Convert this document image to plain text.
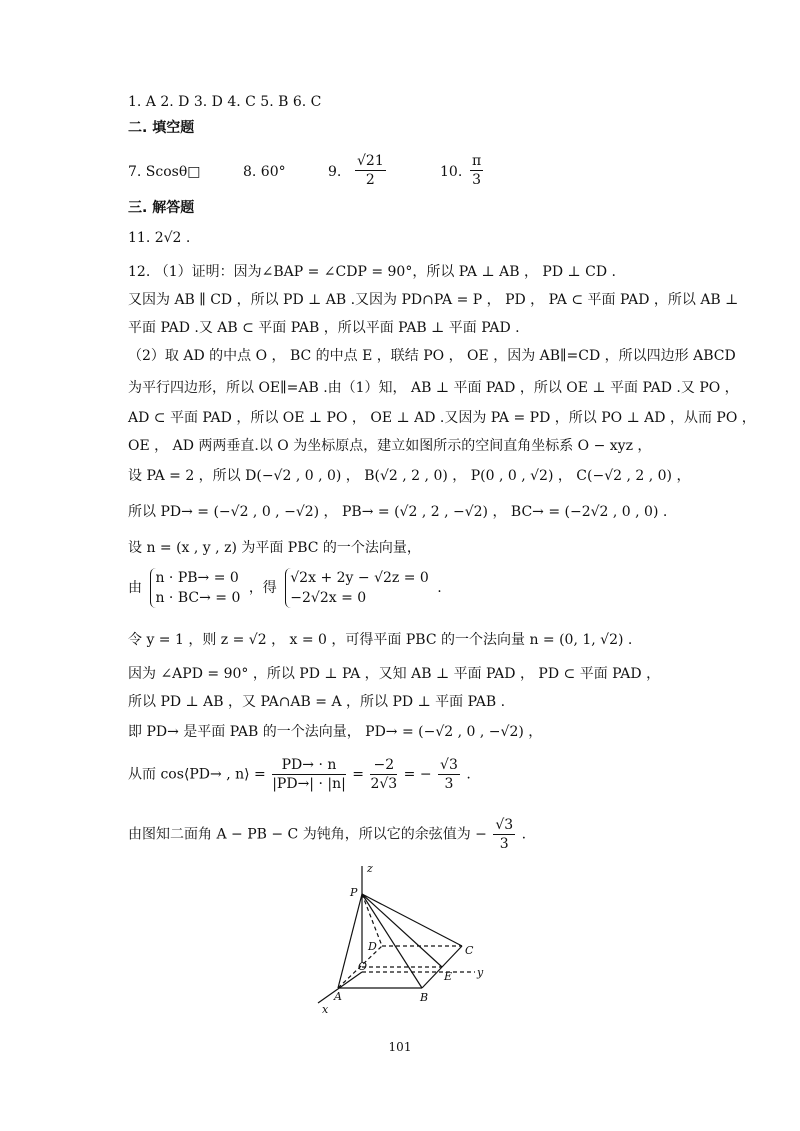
1. A 2. D 3. D 4. C 5. B 6. C
二. 填空题
7. Scosθ□	8. 60°	9. $\frac{√21}{2}$	10. $\frac{\pi}{3}$
三. 解答题
11. 2√2 .
12. （1）证明：因为∠BAP = ∠CDP = 90°，所以 PA ⊥ AB ， PD ⊥ CD .
又因为 AB ∥ CD ，所以 PD ⊥ AB .又因为 PD∩PA = P ， PD ， PA ⊂ 平面 PAD ，所以 AB ⊥
平面 PAD .又 AB ⊂ 平面 PAB ，所以平面 PAB ⊥ 平面 PAD .
（2）取 AD 的中点 O ， BC 的中点 E ，联结 PO ， OE ，因为 AB∥=CD ，所以四边形 ABCD
为平行四边形，所以 OE∥=AB .由（1）知， AB ⊥ 平面 PAD ，所以 OE ⊥ 平面 PAD .又 PO ，
AD ⊂ 平面 PAD ，所以 OE ⊥ PO ， OE ⊥ AD .又因为 PA = PD ，所以 PO ⊥ AD ，从而 PO ，
OE ， AD 两两垂直.以 O 为坐标原点，建立如图所示的空间直角坐标系 O − xyz ，
设 PA = 2 ，所以 D(−√2 , 0 , 0) ， B(√2 , 2 , 0) ， P(0 , 0 , √2) ， C(−√2 , 2 , 0) ，
所以 PD→ = (−√2 , 0 , −√2) ， PB→ = (√2 , 2 , −√2) ， BC→ = (−2√2 , 0 , 0) .
设 n = (x , y , z) 为平面 PBC 的一个法向量，
由
n · PB→ = 0
n · BC→ = 0
，得
√2x + 2y − √2z = 0
−2√2x = 0
.
令 y = 1 ，则 z = √2 ， x = 0 ，可得平面 PBC 的一个法向量 n = (0, 1, √2) .
因为 ∠APD = 90° ，所以 PD ⊥ PA ，又知 AB ⊥ 平面 PAD ， PD ⊂ 平面 PAD ，
所以 PD ⊥ AB ，又 PA∩AB = A ，所以 PD ⊥ 平面 PAB .
即 PD→ 是平面 PAB 的一个法向量， PD→ = (−√2 , 0 , −√2) ，
从而 cos⟨PD→ , n⟩ = $\frac{PD\to \cdot n}{|PD\to| \cdot |n|} = \frac{-2}{2√3}$ = − $\frac{√3}{3}$ .
由图知二面角 A − PB − C 为钝角，所以它的余弦值为 − $\frac{√3}{3}$ .
z
P
D
O
C
E y
A	B
x
101
